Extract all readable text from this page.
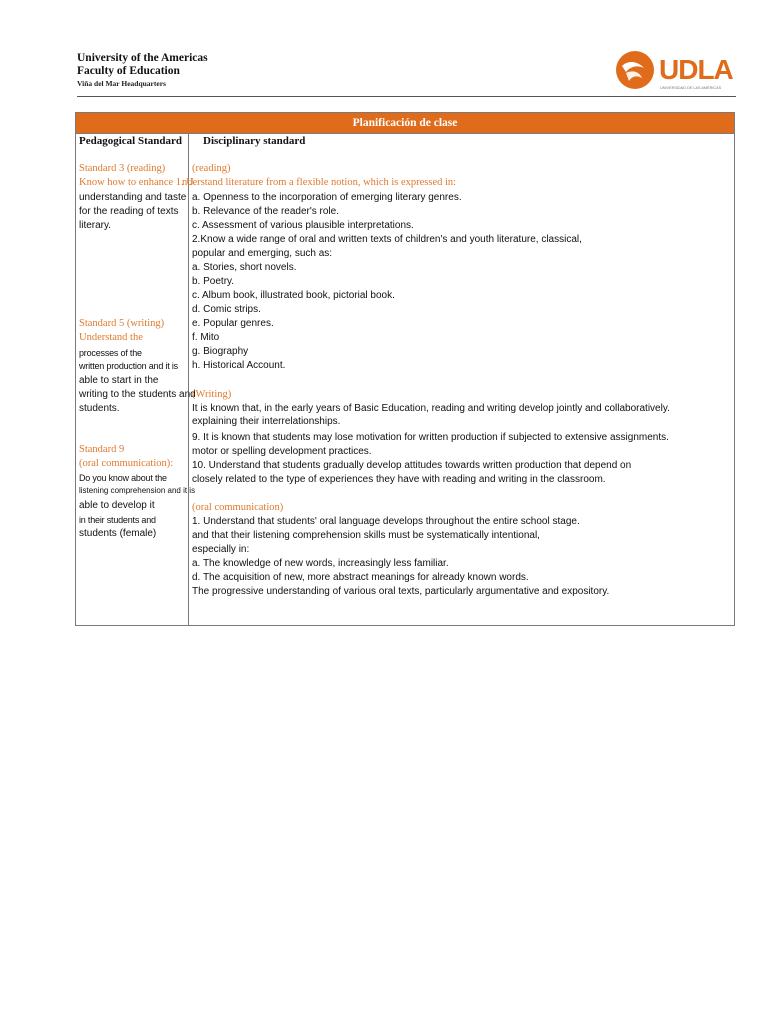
University of the Americas
Faculty of Education
Viña del Mar Headquarters	UDLA
UNIVERSIDAD DE LAS AMÉRICAS
Planificación de clase
Pedagogical Standard Disciplinary standard
Standard 3 (reading)
Know how to enhance 1. U
understanding and taste
for the reading of texts
literary.
Standard 5 (writing)
Understand the
processes of the
written production and it is
able to start in the
writing to the students and
students.
Standard 9
(oral communication):
Do you know about the
listening comprehension and it is
able to develop it
in their students and
students (female)
(reading)
nderstand literature from a flexible notion, which is expressed in:
a. Openness to the incorporation of emerging literary genres.
b. Relevance of the reader's role.
c. Assessment of various plausible interpretations.
2.Know a wide range of oral and written texts of children's and youth literature, classical,
popular and emerging, such as:
a. Stories, short novels.
b. Poetry.
c. Album book, illustrated book, pictorial book.
d. Comic strips.
e. Popular genres.
f. Mito
g. Biography
h. Historical Account.
(Writing)
It is known that, in the early years of Basic Education, reading and writing develop jointly and collaboratively.
explaining their interrelationships.
9. It is known that students may lose motivation for written production if subjected to extensive assignments.
motor or spelling development practices.
10. Understand that students gradually develop attitudes towards written production that depend on
closely related to the type of experiences they have with reading and writing in the classroom.
(oral communication)
1. Understand that students' oral language develops throughout the entire school stage.
and that their listening comprehension skills must be systematically intentional,
especially in:
a. The knowledge of new words, increasingly less familiar.
d. The acquisition of new, more abstract meanings for already known words.
The progressive understanding of various oral texts, particularly argumentative and expository.
